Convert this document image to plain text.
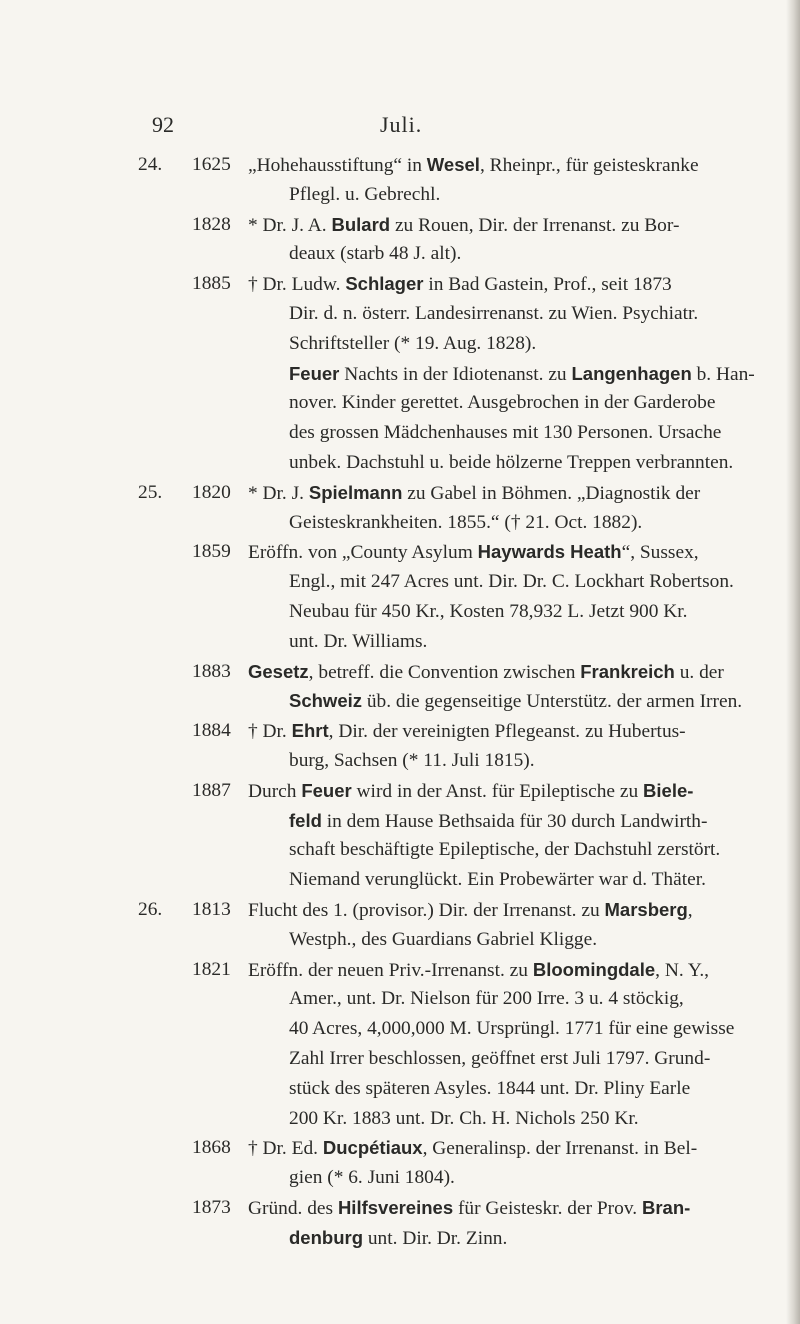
92	Juli.
24. 1625 „Hohehausstiftung“ in Wesel, Rheinpr., für geisteskranke
Pflegl. u. Gebrechl.
1828 * Dr. J. A. Bulard zu Rouen, Dir. der Irrenanst. zu Bor-
deaux (starb 48 J. alt).
1885 † Dr. Ludw. Schlager in Bad Gastein, Prof., seit 1873
Dir. d. n. österr. Landesirrenanst. zu Wien. Psychiatr.
Schriftsteller (* 19. Aug. 1828).
Feuer Nachts in der Idiotenanst. zu Langenhagen b. Han-
nover. Kinder gerettet. Ausgebrochen in der Garderobe
des grossen Mädchenhauses mit 130 Personen. Ursache
unbek. Dachstuhl u. beide hölzerne Treppen verbrannten.
25. 1820 * Dr. J. Spielmann zu Gabel in Böhmen. „Diagnostik der
Geisteskrankheiten. 1855.“ († 21. Oct. 1882).
1859 Eröffn. von „County Asylum Haywards Heath“, Sussex,
Engl., mit 247 Acres unt. Dir. Dr. C. Lockhart Robertson.
Neubau für 450 Kr., Kosten 78,932 L. Jetzt 900 Kr.
unt. Dr. Williams.
1883 Gesetz, betreff. die Convention zwischen Frankreich u. der
Schweiz üb. die gegenseitige Unterstütz. der armen Irren.
1884 † Dr. Ehrt, Dir. der vereinigten Pflegeanst. zu Hubertus-
burg, Sachsen (* 11. Juli 1815).
1887 Durch Feuer wird in der Anst. für Epileptische zu Biele-
feld in dem Hause Bethsaida für 30 durch Landwirth-
schaft beschäftigte Epileptische, der Dachstuhl zerstört.
Niemand verunglückt. Ein Probewärter war d. Thäter.
26. 1813 Flucht des 1. (provisor.) Dir. der Irrenanst. zu Marsberg,
Westph., des Guardians Gabriel Kligge.
1821 Eröffn. der neuen Priv.-Irrenanst. zu Bloomingdale, N. Y.,
Amer., unt. Dr. Nielson für 200 Irre. 3 u. 4 stöckig,
40 Acres, 4,000,000 M. Ursprüngl. 1771 für eine gewisse
Zahl Irrer beschlossen, geöffnet erst Juli 1797. Grund-
stück des späteren Asyles. 1844 unt. Dr. Pliny Earle
200 Kr. 1883 unt. Dr. Ch. H. Nichols 250 Kr.
1868 † Dr. Ed. Ducpétiaux, Generalinsp. der Irrenanst. in Bel-
gien (* 6. Juni 1804).
1873 Gründ. des Hilfsvereines für Geisteskr. der Prov. Bran-
denburg unt. Dir. Dr. Zinn.
